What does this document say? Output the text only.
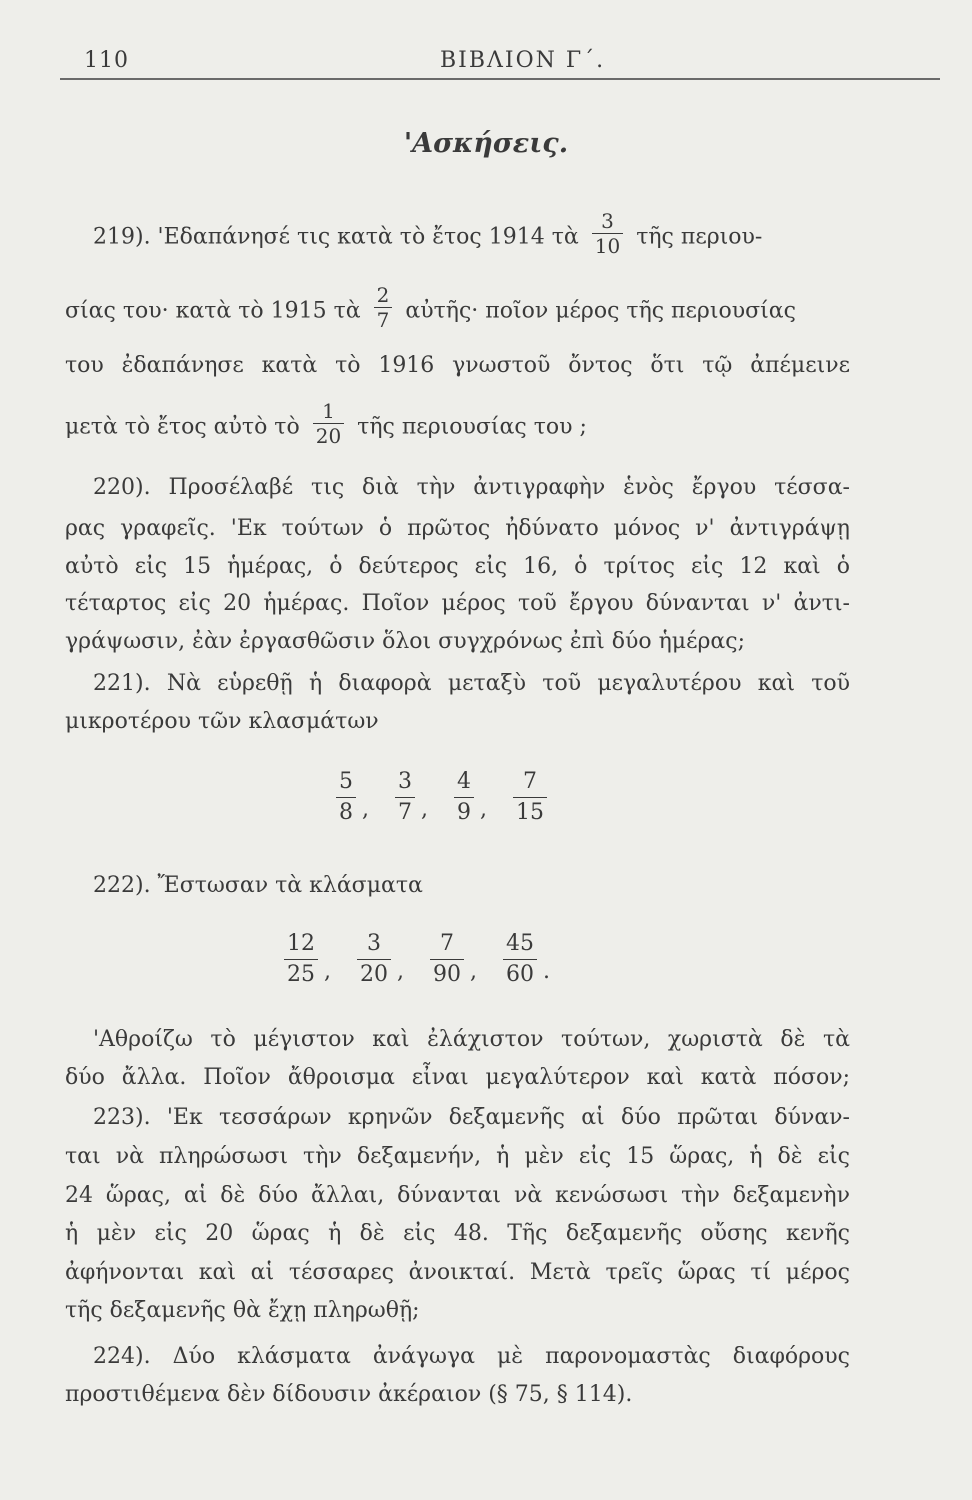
110	ΒΙΒΛΙΟΝ Γ΄.
'Ασκήσεις.
219). 'Εδαπάνησέ τις κατὰ τὸ ἔτος 1914 τὰ $\frac{3}{10}$ τῆς περιου-
σίας του· κατὰ τὸ 1915 τὰ $\frac{2}{7}$ αὐτῆς· ποῖον μέρος τῆς περιουσίας
του ἐδαπάνησε κατὰ τὸ 1916 γνωστοῦ ὄντος ὅτι τῷ ἀπέμεινε
μετὰ τὸ ἔτος αὐτὸ τὸ $\frac{1}{20}$ τῆς περιουσίας του ;
220). Προσέλαβέ τις διὰ τὴν ἀντιγραφὴν ἑνὸς ἔργου τέσσα-
ρας γραφεῖς. 'Εκ τούτων ὁ πρῶτος ἠδύνατο μόνος ν' ἀντιγράψῃ
αὐτὸ εἰς 15 ἡμέρας, ὁ δεύτερος εἰς 16, ὁ τρίτος εἰς 12 καὶ ὁ
τέταρτος εἰς 20 ἡμέρας. Ποῖον μέρος τοῦ ἔργου δύνανται ν' ἀντι-
γράψωσιν, ἐὰν ἐργασθῶσιν ὅλοι συγχρόνως ἐπὶ δύο ἡμέρας;
221). Νὰ εὑρεθῇ ἡ διαφορὰ μεταξὺ τοῦ μεγαλυτέρου καὶ τοῦ
μικροτέρου τῶν κλασμάτων
$\frac{5}{8}$ , $\frac{3}{7}$ , $\frac{4}{9}$ , $\frac{7}{15}$
222). Ἔστωσαν τὰ κλάσματα
$\frac{12}{25}$ , $\frac{3}{20}$ , $\frac{7}{90}$ , $\frac{45}{60}$ .
'Αθροίζω τὸ μέγιστον καὶ ἐλάχιστον τούτων, χωριστὰ δὲ τὰ
δύο ἄλλα. Ποῖον ἄθροισμα εἶναι μεγαλύτερον καὶ κατὰ πόσον;
223). 'Εκ τεσσάρων κρηνῶν δεξαμενῆς αἱ δύο πρῶται δύναν-
ται νὰ πληρώσωσι τὴν δεξαμενήν, ἡ μὲν εἰς 15 ὥρας, ἡ δὲ εἰς
24 ὥρας, αἱ δὲ δύο ἄλλαι, δύνανται νὰ κενώσωσι τὴν δεξαμενὴν
ἡ μὲν εἰς 20 ὥρας ἡ δὲ εἰς 48. Τῆς δεξαμενῆς οὔσης κενῆς
ἀφήνονται καὶ αἱ τέσσαρες ἀνοικταί. Μετὰ τρεῖς ὥρας τί μέρος
τῆς δεξαμενῆς θὰ ἔχῃ πληρωθῇ;
224). Δύο κλάσματα ἀνάγωγα μὲ παρονομαστὰς διαφόρους
προστιθέμενα δὲν δίδουσιν ἀκέραιον (§ 75, § 114).
